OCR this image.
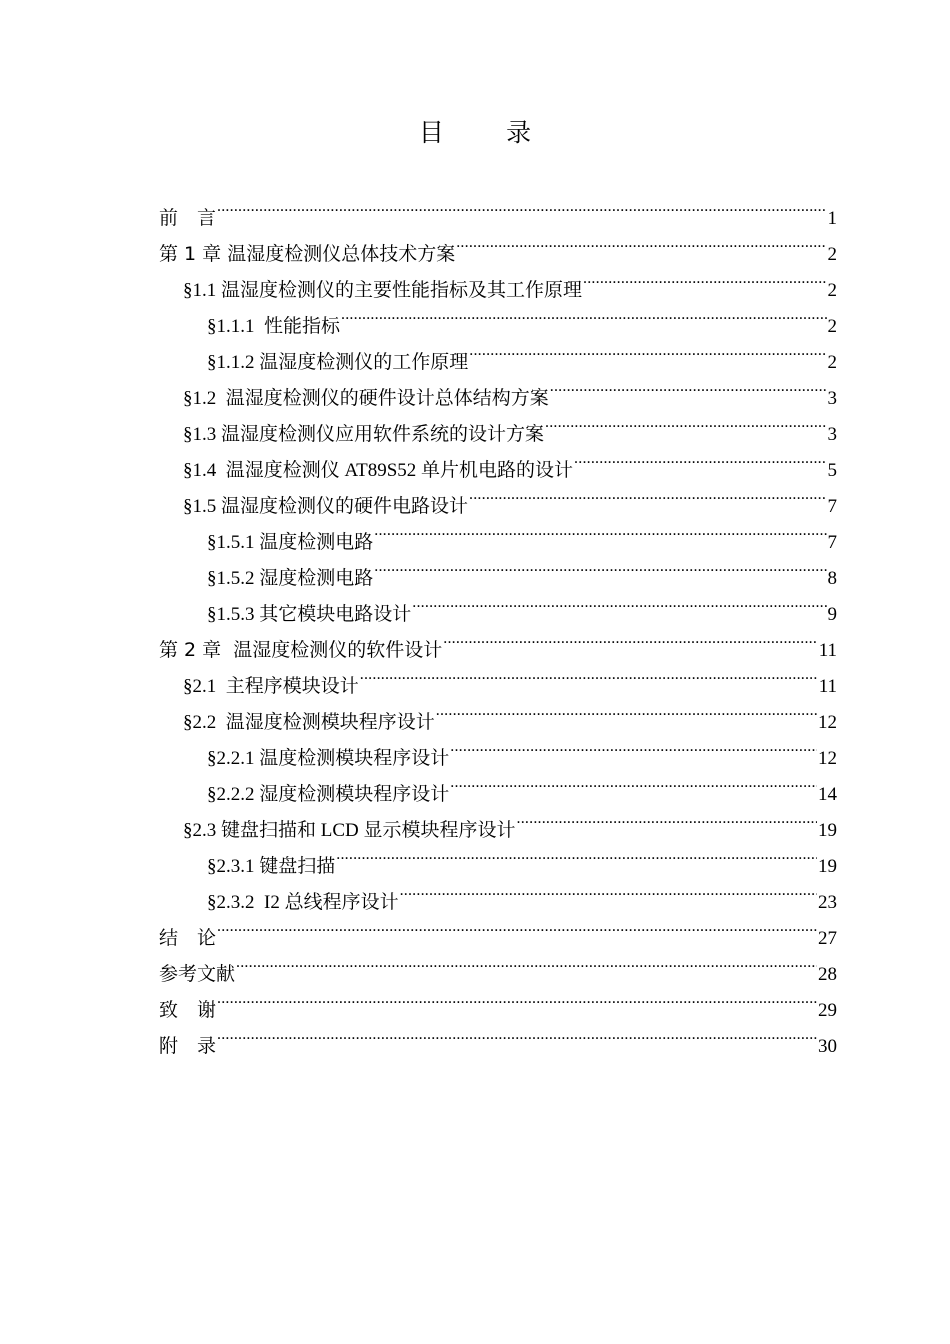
目 录
前　言 .....	1
第 1 章 温湿度检测仪总体技术方案 .....	2
§1.1 温湿度检测仪的主要性能指标及其工作原理 .....	2
§1.1.1  性能指标 .....	2
§1.1.2 温湿度检测仪的工作原理 .....	2
§1.2  温湿度检测仪的硬件设计总体结构方案 .....	3
§1.3 温湿度检测仪应用软件系统的设计方案 .....	3
§1.4  温湿度检测仪 AT89S52 单片机电路的设计 .....	5
§1.5 温湿度检测仪的硬件电路设计 .....	7
§1.5.1 温度检测电路 .....	7
§1.5.2 湿度检测电路 .....	8
§1.5.3 其它模块电路设计 .....	9
第 2 章  温湿度检测仪的软件设计 .....	11
§2.1  主程序模块设计 .....	11
§2.2  温湿度检测模块程序设计 .....	12
§2.2.1 温度检测模块程序设计 .....	12
§2.2.2 湿度检测模块程序设计 .....	14
§2.3 键盘扫描和 LCD 显示模块程序设计 .....	19
§2.3.1 键盘扫描 .....	19
§2.3.2  I2 总线程序设计 .....	23
结　论 .....	27
参考文献 .....	28
致　谢 .....	29
附　录 .....	30
